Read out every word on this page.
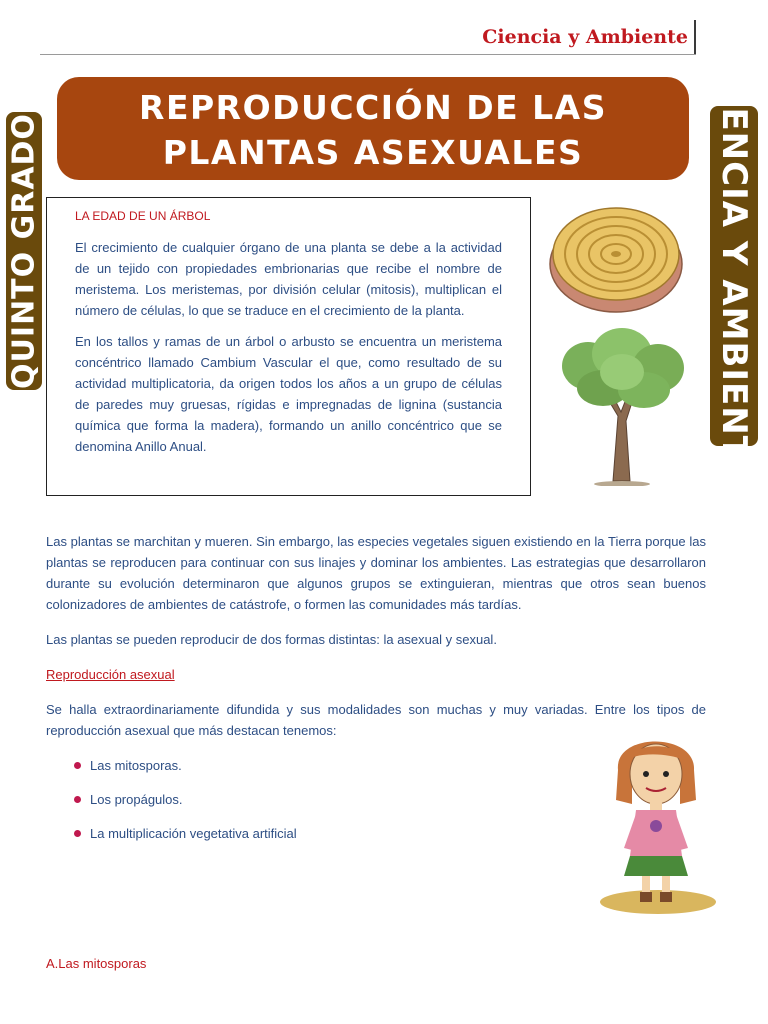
Ciencia y Ambiente
REPRODUCCIÓN DE LAS
PLANTAS ASEXUALES
QUINTO GRADO	CIENCIA Y AMBIENTE

LA EDAD DE UN ÁRBOL

El crecimiento de cualquier órgano de una planta se debe a la actividad de un tejido con propiedades embrionarias que recibe el nombre de meristema. Los meristemas, por división celular (mitosis), multiplican el número de células, lo que se traduce en el crecimiento de la planta.

En los tallos y ramas de un árbol o arbusto se encuentra un meristema concéntrico llamado Cambium Vascular el que, como resultado de su actividad multiplicatoria, da origen todos los años a un grupo de células de paredes muy gruesas, rígidas e impregnadas de lignina (sustancia química que forma la madera), formando un anillo concéntrico que se denomina Anillo Anual.

Las plantas se marchitan y mueren. Sin embargo, las especies vegetales siguen existiendo en la Tierra porque las plantas se reproducen para continuar con sus linajes y dominar los ambientes. Las estrategias que desarrollaron durante su evolución determinaron que algunos grupos se extinguieran, mientras que otros sean buenos colonizadores de ambientes de catástrofe, o formen las comunidades más tardías.

Las plantas se pueden reproducir de dos formas distintas: la asexual y sexual.

Reproducción asexual

Se halla extraordinariamente difundida y sus modalidades son muchas y muy variadas. Entre los tipos de reproducción asexual que más destacan tenemos:

Las mitosporas.
Los propágulos.
La multiplicación vegetativa artificial
A.Las mitosporas
